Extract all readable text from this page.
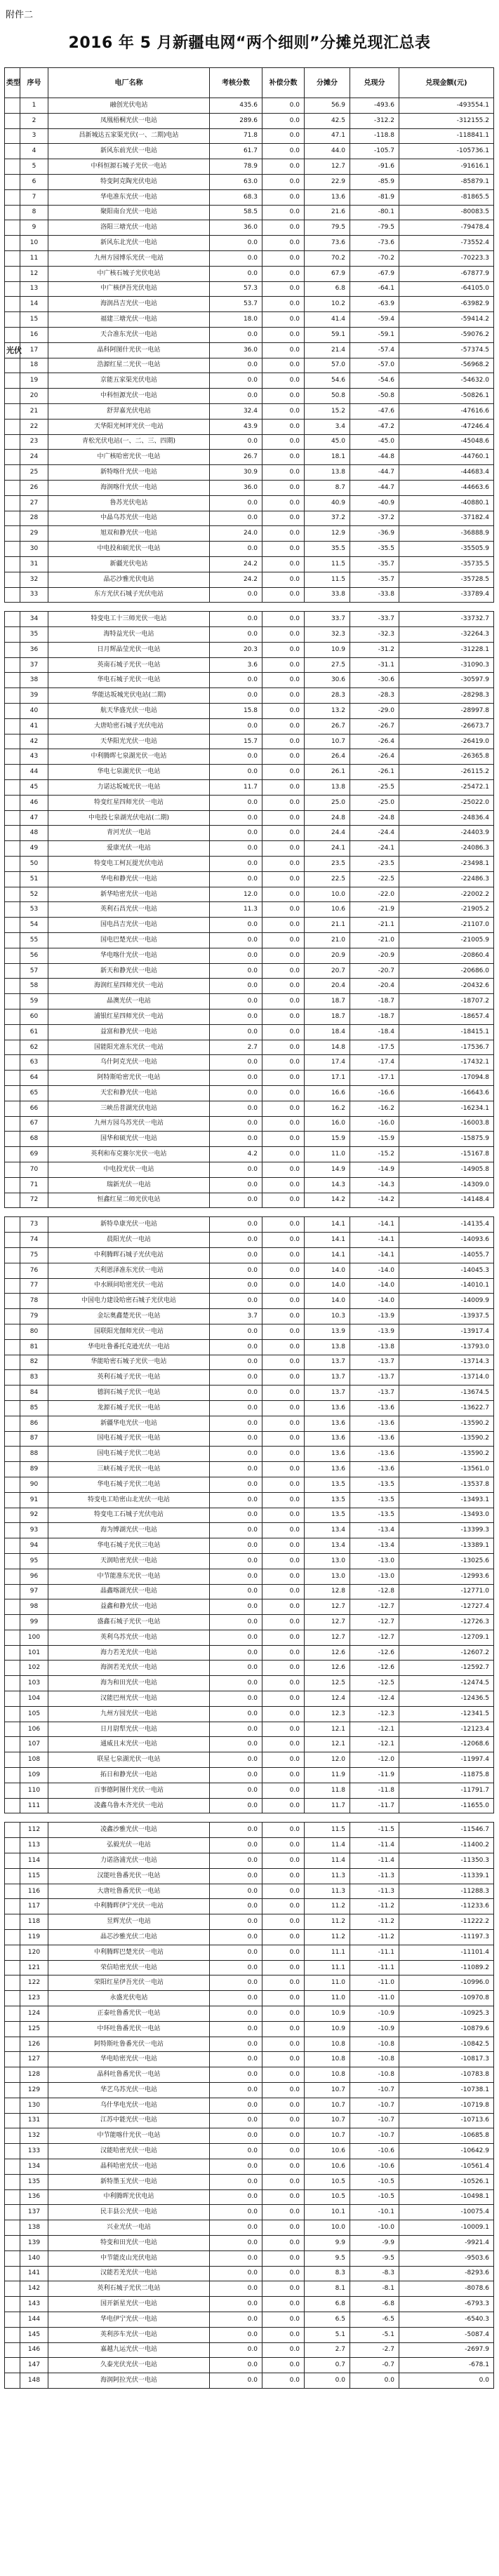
附件二
2016 年 5 月新疆电网“两个细则”分摊兑现汇总表
类型	序号	电厂名称	考核分数	补偿分数	分摊分	兑现分	兑现金额(元)
	1	融创光伏电站	435.6	0.0	56.9	-493.6	-493554.1
	2	凤凰梧桐光伏一电站	289.6	0.0	42.5	-312.2	-312155.2
	3	昌新城达五家渠光伏(一、二期)电站	71.8	0.0	47.1	-118.8	-118841.1
	4	新风东前光伏一电站	61.7	0.0	44.0	-105.7	-105736.1
	5	中科恒源石城子光伏一电站	78.9	0.0	12.7	-91.6	-91616.1
	6	特变阿克陶光伏电站	63.0	0.0	22.9	-85.9	-85879.1
	7	华电准东光伏一电站	68.3	0.0	13.6	-81.9	-81865.5
	8	聚阳南台光伏一电站	58.5	0.0	21.6	-80.1	-80083.5
	9	洛阳三塘光伏一电站	36.0	0.0	79.5	-79.5	-79478.4
	10	新风东北光伏一电站	0.0	0.0	73.6	-73.6	-73552.4
	11	九州方园博乐光伏一电站	0.0	0.0	70.2	-70.2	-70223.3
	12	中广核石城子光伏电站	0.0	0.0	67.9	-67.9	-67877.9
	13	中广核伊吾光伏电站	57.3	0.0	6.8	-64.1	-64105.0
	14	海润昌吉光伏一电站	53.7	0.0	10.2	-63.9	-63982.9
	15	福建三塘光伏一电站	18.0	0.0	41.4	-59.4	-59414.2
	16	天合准东光伏一电站	0.0	0.0	59.1	-59.1	-59076.2
光伏	17	晶科阿图什光伏一电站	36.0	0.0	21.4	-57.4	-57374.5
	18	浩源红星二光伏一电站	0.0	0.0	57.0	-57.0	-56968.2
	19	京能五家渠光伏电站	0.0	0.0	54.6	-54.6	-54632.0
	20	中科恒源光伏一电站	0.0	0.0	50.8	-50.8	-50826.1
	21	舒羿嘉光伏电站	32.4	0.0	15.2	-47.6	-47616.6
	22	天华阳光柯坪光伏一电站	43.9	0.0	3.4	-47.2	-47246.4
	23	青松光伏电站(一、二、三、四期)	0.0	0.0	45.0	-45.0	-45048.6
	24	中广核哈密光伏一电站	26.7	0.0	18.1	-44.8	-44760.1
	25	新特喀什光伏一电站	30.9	0.0	13.8	-44.7	-44683.4
	26	海润喀什光伏一电站	36.0	0.0	8.7	-44.7	-44663.6
	27	鲁苏光伏电站	0.0	0.0	40.9	-40.9	-40880.1
	28	中晶乌苏光伏一电站	0.0	0.0	37.2	-37.2	-37182.4
	29	旭双和静光伏一电站	24.0	0.0	12.9	-36.9	-36888.9
	30	中电投和硕光伏一电站	0.0	0.0	35.5	-35.5	-35505.9
	31	新疆光伏电站	24.2	0.0	11.5	-35.7	-35735.5
	32	晶芯沙雅光伏电站	24.2	0.0	11.5	-35.7	-35728.5
	33	东方光伏石城子光伏电站	0.0	0.0	33.8	-33.8	-33789.4

	34	特变电工十三师光伏一电站	0.0	0.0	33.7	-33.7	-33732.7
	35	海特益光伏一电站	0.0	0.0	32.3	-32.3	-32264.3
	36	日月辉晶莹光伏一电站	20.3	0.0	10.9	-31.2	-31228.1
	37	英南石城子光伏一电站	3.6	0.0	27.5	-31.1	-31090.3
	38	华电石城子光伏一电站	0.0	0.0	30.6	-30.6	-30597.9
	39	华能达坂城光伏电站(二期)	0.0	0.0	28.3	-28.3	-28298.3
	40	航天华盛光伏一电站	15.8	0.0	13.2	-29.0	-28997.8
	41	大唐哈密石城子光伏电站	0.0	0.0	26.7	-26.7	-26673.7
	42	天华阳光光伏一电站	15.7	0.0	10.7	-26.4	-26419.0
	43	中利腾晖七泉湖光伏一电站	0.0	0.0	26.4	-26.4	-26365.8
	44	华电七泉湖光伏一电站	0.0	0.0	26.1	-26.1	-26115.2
	45	力诺达坂城光伏一电站	11.7	0.0	13.8	-25.5	-25472.1
	46	特变红星四师光伏一电站	0.0	0.0	25.0	-25.0	-25022.0
	47	中电投七泉湖光伏电站(二期)	0.0	0.0	24.8	-24.8	-24836.4
	48	青河光伏一电站	0.0	0.0	24.4	-24.4	-24403.9
	49	爱康光伏一电站	0.0	0.0	24.1	-24.1	-24086.3
	50	特变电工柯瓦提光伏电站	0.0	0.0	23.5	-23.5	-23498.1
	51	华电和静光伏一电站	0.0	0.0	22.5	-22.5	-22486.3
	52	新华哈密光伏一电站	12.0	0.0	10.0	-22.0	-22002.2
	53	英利石昌光伏一电站	11.3	0.0	10.6	-21.9	-21905.2
	54	国电昌吉光伏一电站	0.0	0.0	21.1	-21.1	-21107.0
	55	国电巴楚光伏一电站	0.0	0.0	21.0	-21.0	-21005.9
	56	华电喀什光伏一电站	0.0	0.0	20.9	-20.9	-20860.4
	57	新天和静光伏一电站	0.0	0.0	20.7	-20.7	-20686.0
	58	海润红星四师光伏一电站	0.0	0.0	20.4	-20.4	-20432.6
	59	晶澳光伏一电站	0.0	0.0	18.7	-18.7	-18707.2
	60	浦银红星四师光伏一电站	0.0	0.0	18.7	-18.7	-18657.4
	61	益富和静光伏一电站	0.0	0.0	18.4	-18.4	-18415.1
	62	国能阳光准东光伏一电站	2.7	0.0	14.8	-17.5	-17536.7
	63	乌什阿克光伏一电站	0.0	0.0	17.4	-17.4	-17432.1
	64	阿特斯哈密光伏一电站	0.0	0.0	17.1	-17.1	-17094.8
	65	天宏和静光伏一电站	0.0	0.0	16.6	-16.6	-16643.6
	66	三峡岳普湖光伏电站	0.0	0.0	16.2	-16.2	-16234.1
	67	九州方园乌苏光伏一电站	0.0	0.0	16.0	-16.0	-16003.8
	68	国华和硕光伏一电站	0.0	0.0	15.9	-15.9	-15875.9
	69	英利和布克赛尔光伏一电站	4.2	0.0	11.0	-15.2	-15167.8
	70	中电投光伏一电站	0.0	0.0	14.9	-14.9	-14905.8
	71	瑞新光伏一电站	0.0	0.0	14.3	-14.3	-14309.0
	72	恒鑫红星二师光伏电站	0.0	0.0	14.2	-14.2	-14148.4

	73	新特阜康光伏一电站	0.0	0.0	14.1	-14.1	-14135.4
	74	晨阳光伏一电站	0.0	0.0	14.1	-14.1	-14093.6
	75	中利腾晖石城子光伏电站	0.0	0.0	14.1	-14.1	-14055.7
	76	天利恩泽准东光伏一电站	0.0	0.0	14.0	-14.0	-14045.3
	77	中水顾问哈密光伏一电站	0.0	0.0	14.0	-14.0	-14010.1
	78	中国电力建设哈密石城子光伏电站	0.0	0.0	14.0	-14.0	-14009.9
	79	金坛奥鑫楚光伏一电站	3.7	0.0	10.3	-13.9	-13937.5
	80	国联阳光伽师光伏一电站	0.0	0.0	13.9	-13.9	-13917.4
	81	华电吐鲁番托克逊光伏一电站	0.0	0.0	13.8	-13.8	-13793.0
	82	华能哈密石城子光伏一电站	0.0	0.0	13.7	-13.7	-13714.3
	83	英利石城子光伏一电站	0.0	0.0	13.7	-13.7	-13714.0
	84	德润石城子光伏一电站	0.0	0.0	13.7	-13.7	-13674.5
	85	龙源石城子光伏一电站	0.0	0.0	13.6	-13.6	-13622.7
	86	新疆华电光伏一电站	0.0	0.0	13.6	-13.6	-13590.2
	87	国电石城子光伏一电站	0.0	0.0	13.6	-13.6	-13590.2
	88	国电石城子光伏二电站	0.0	0.0	13.6	-13.6	-13590.2
	89	三峡石城子光伏一电站	0.0	0.0	13.6	-13.6	-13561.0
	90	华电石城子光伏二电站	0.0	0.0	13.5	-13.5	-13537.8
	91	特变电工哈密山北光伏一电站	0.0	0.0	13.5	-13.5	-13493.1
	92	特变电工石城子光伏电站	0.0	0.0	13.5	-13.5	-13493.0
	93	海为博湖光伏一电站	0.0	0.0	13.4	-13.4	-13399.3
	94	华电石城子光伏三电站	0.0	0.0	13.4	-13.4	-13389.1
	95	天润哈密光伏一电站	0.0	0.0	13.0	-13.0	-13025.6
	96	中节能准东光伏一电站	0.0	0.0	13.0	-13.0	-12993.6
	97	晶鑫喀湖光伏一电站	0.0	0.0	12.8	-12.8	-12771.0
	98	益鑫和静光伏一电站	0.0	0.0	12.7	-12.7	-12727.4
	99	盛鑫石城子光伏一电站	0.0	0.0	12.7	-12.7	-12726.3
	100	英利乌苏光伏一电站	0.0	0.0	12.7	-12.7	-12709.1
	101	海力若羌光伏一电站	0.0	0.0	12.6	-12.6	-12607.2
	102	海润若羌光伏一电站	0.0	0.0	12.6	-12.6	-12592.7
	103	海为和田光伏一电站	0.0	0.0	12.5	-12.5	-12474.5
	104	汉能巴州光伏一电站	0.0	0.0	12.4	-12.4	-12436.5
	105	九州方园光伏一电站	0.0	0.0	12.3	-12.3	-12341.5
	106	日月尉犁光伏一电站	0.0	0.0	12.1	-12.1	-12123.4
	107	通威且末光伏一电站	0.0	0.0	12.1	-12.1	-12068.6
	108	联星七泉湖光伏一电站	0.0	0.0	12.0	-12.0	-11997.4
	109	拓日和静光伏一电站	0.0	0.0	11.9	-11.9	-11875.8
	110	百事德阿图什光伏一电站	0.0	0.0	11.8	-11.8	-11791.7
	111	凌鑫乌鲁木齐光伏一电站	0.0	0.0	11.7	-11.7	-11655.0

	112	凌鑫沙雅光伏一电站	0.0	0.0	11.5	-11.5	-11546.7
	113	弘毅光伏一电站	0.0	0.0	11.4	-11.4	-11400.2
	114	力诺洛浦光伏一电站	0.0	0.0	11.4	-11.4	-11350.3
	115	汉能吐鲁番光伏一电站	0.0	0.0	11.3	-11.3	-11339.1
	116	大唐吐鲁番光伏一电站	0.0	0.0	11.3	-11.3	-11288.3
	117	中利腾晖伊宁光伏一电站	0.0	0.0	11.2	-11.2	-11233.6
	118	昱辉光伏一电站	0.0	0.0	11.2	-11.2	-11222.2
	119	晶芯沙雅光伏二电站	0.0	0.0	11.2	-11.2	-11197.3
	120	中利腾晖巴楚光伏一电站	0.0	0.0	11.1	-11.1	-11101.4
	121	荣信哈密光伏一电站	0.0	0.0	11.1	-11.1	-11089.2
	122	荣阳红星伊吾光伏一电站	0.0	0.0	11.0	-11.0	-10996.0
	123	永盛光伏电站	0.0	0.0	11.0	-11.0	-10970.8
	124	正泰吐鲁番光伏一电站	0.0	0.0	10.9	-10.9	-10925.3
	125	中环吐鲁番光伏一电站	0.0	0.0	10.9	-10.9	-10879.6
	126	阿特斯吐鲁番光伏一电站	0.0	0.0	10.8	-10.8	-10842.5
	127	华电哈密光伏一电站	0.0	0.0	10.8	-10.8	-10817.3
	128	晶科吐鲁番光伏一电站	0.0	0.0	10.8	-10.8	-10783.8
	129	华艺乌苏光伏一电站	0.0	0.0	10.7	-10.7	-10738.1
	130	乌什华电光伏一电站	0.0	0.0	10.7	-10.7	-10719.8
	131	江苏中能光伏一电站	0.0	0.0	10.7	-10.7	-10713.6
	132	中节能喀什光伏一电站	0.0	0.0	10.7	-10.7	-10685.8
	133	汉能哈密光伏一电站	0.0	0.0	10.6	-10.6	-10642.9
	134	晶科哈密光伏一电站	0.0	0.0	10.6	-10.6	-10561.4
	135	新特墨玉光伏一电站	0.0	0.0	10.5	-10.5	-10526.1
	136	中利腾晖光伏电站	0.0	0.0	10.5	-10.5	-10498.1
	137	民丰县公光伏一电站	0.0	0.0	10.1	-10.1	-10075.4
	138	兴业光伏一电站	0.0	0.0	10.0	-10.0	-10009.1
	139	特变和田光伏一电站	0.0	0.0	9.9	-9.9	-9921.4
	140	中节能皮山光伏电站	0.0	0.0	9.5	-9.5	-9503.6
	141	汉能若羌光伏一电站	0.0	0.0	8.3	-8.3	-8293.6
	142	英利石城子光伏二电站	0.0	0.0	8.1	-8.1	-8078.6
	143	国开新星光伏一电站	0.0	0.0	6.8	-6.8	-6793.3
	144	华电伊宁光伏一电站	0.0	0.0	6.5	-6.5	-6540.3
	145	英利莎车光伏一电站	0.0	0.0	5.1	-5.1	-5087.4
	146	嘉越九运光伏一电站	0.0	0.0	2.7	-2.7	-2697.9
	147	久泰光伏光伏一电站	0.0	0.0	0.7	-0.7	-678.1
	148	海润阿拉光伏一电站	0.0	0.0	0.0	0.0	0.0
